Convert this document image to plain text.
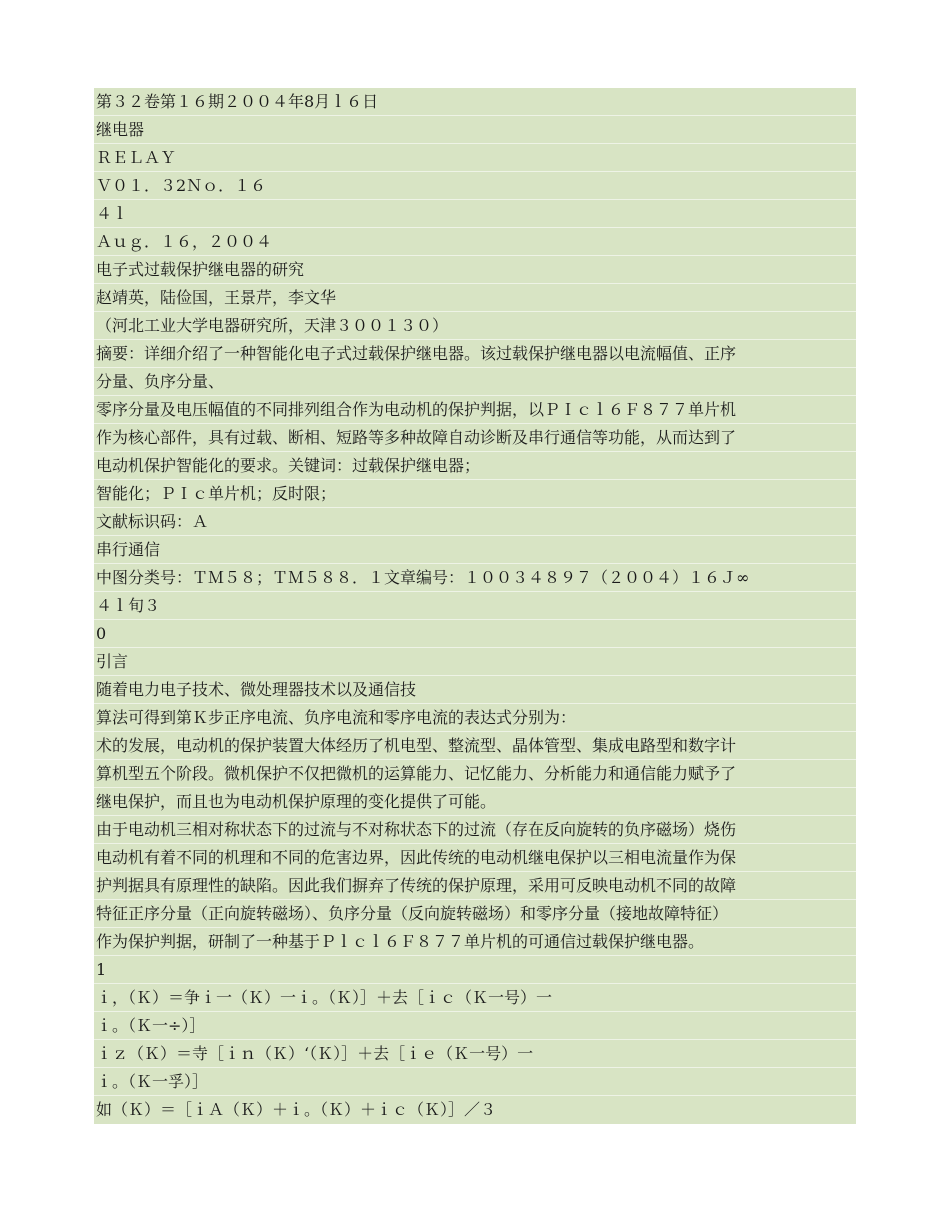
第３２卷第１６期２００４年8月ｌ６日
继电器
ＲＥＬＡＹ
Ｖ０１．３2Ｎｏ．１６
４ｌ
Ａｕｇ．１６，２００４
电子式过载保护继电器的研究
赵靖英，陆俭国，王景芹，李文华
（河北工业大学电器研究所，天津３００１３０）
摘要：详细介绍了一种智能化电子式过载保护继电器。该过载保护继电器以电流幅值、正序
分量、负序分量、
零序分量及电压幅值的不同排列组合作为电动机的保护判据，以ＰＩｃｌ６Ｆ８７７单片机
作为核心部件，具有过载、断相、短路等多种故障自动诊断及串行通信等功能，从而达到了
电动机保护智能化的要求。关键词：过载保护继电器；
智能化；ＰＩｃ单片机；反时限；
文献标识码：Ａ
串行通信
中图分类号：ＴＭ５８；ＴＭ５８８．１文章编号：１００３４８９７（２００４）１６Ｊ∞
４ｌ旬３
0
引言
随着电力电子技术、微处理器技术以及通信技
算法可得到第Ｋ步正序电流、负序电流和零序电流的表达式分别为：
术的发展，电动机的保护装置大体经历了机电型、整流型、晶体管型、集成电路型和数字计
算机型五个阶段。微机保护不仅把微机的运算能力、记忆能力、分析能力和通信能力赋予了
继电保护，而且也为电动机保护原理的变化提供了可能。
由于电动机三相对称状态下的过流与不对称状态下的过流（存在反向旋转的负序磁场）烧伤
电动机有着不同的机理和不同的危害边界，因此传统的电动机继电保护以三相电流量作为保
护判据具有原理性的缺陷。因此我们摒弃了传统的保护原理，采用可反映电动机不同的故障
特征正序分量（正向旋转磁场）、负序分量（反向旋转磁场）和零序分量（接地故障特征）
作为保护判据，研制了一种基于Ｐｌｃｌ６Ｆ８７７单片机的可通信过载保护继电器。
1
ｉ，（Ｋ）＝争ｉ一（Ｋ）一ｉ。（Ｋ）］＋去［ｉｃ（Ｋ一号）一
ｉ。（Ｋ一÷）］
ｉｚ（Ｋ）＝寺［ｉｎ（Ｋ）‘（Ｋ）］＋去［ｉｅ（Ｋ一号）一
ｉ。（Ｋ一孚）］
如（Ｋ）＝［ｉＡ（Ｋ）＋ｉ。（Ｋ）＋ｉｃ（Ｋ）］／３
